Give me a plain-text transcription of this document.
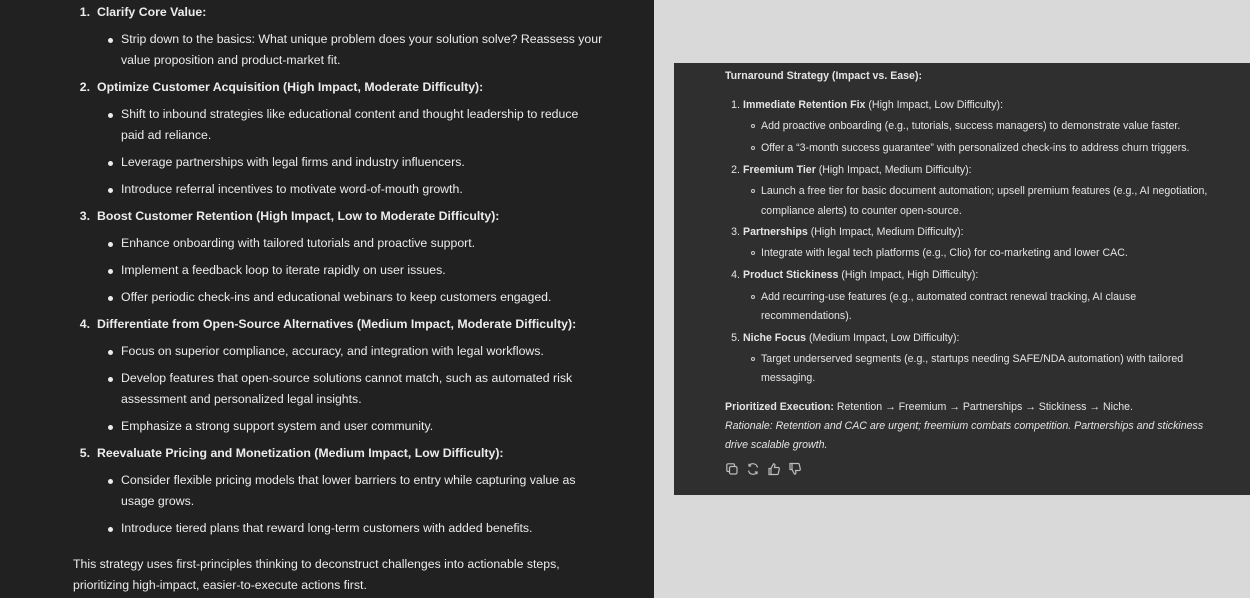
1. Clarify Core Value:
Strip down to the basics: What unique problem does your solution solve? Reassess your
value proposition and product-market fit.
2. Optimize Customer Acquisition (High Impact, Moderate Difficulty):
Shift to inbound strategies like educational content and thought leadership to reduce
paid ad reliance.
Leverage partnerships with legal firms and industry influencers.
Introduce referral incentives to motivate word-of-mouth growth.
3. Boost Customer Retention (High Impact, Low to Moderate Difficulty):
Enhance onboarding with tailored tutorials and proactive support.
Implement a feedback loop to iterate rapidly on user issues.
Offer periodic check-ins and educational webinars to keep customers engaged.
4. Differentiate from Open-Source Alternatives (Medium Impact, Moderate Difficulty):
Focus on superior compliance, accuracy, and integration with legal workflows.
Develop features that open-source solutions cannot match, such as automated risk
assessment and personalized legal insights.
Emphasize a strong support system and user community.
5. Reevaluate Pricing and Monetization (Medium Impact, Low Difficulty):
Consider flexible pricing models that lower barriers to entry while capturing value as
usage grows.
Introduce tiered plans that reward long-term customers with added benefits.
This strategy uses first-principles thinking to deconstruct challenges into actionable steps,
prioritizing high-impact, easier-to-execute actions first.
Turnaround Strategy (Impact vs. Ease):
1. Immediate Retention Fix (High Impact, Low Difficulty):
Add proactive onboarding (e.g., tutorials, success managers) to demonstrate value faster.
Offer a “3-month success guarantee” with personalized check-ins to address churn triggers.
2. Freemium Tier (High Impact, Medium Difficulty):
Launch a free tier for basic document automation; upsell premium features (e.g., AI negotiation,
compliance alerts) to counter open-source.
3. Partnerships (High Impact, Medium Difficulty):
Integrate with legal tech platforms (e.g., Clio) for co-marketing and lower CAC.
4. Product Stickiness (High Impact, High Difficulty):
Add recurring-use features (e.g., automated contract renewal tracking, AI clause
recommendations).
5. Niche Focus (Medium Impact, Low Difficulty):
Target underserved segments (e.g., startups needing SAFE/NDA automation) with tailored
messaging.
Prioritized Execution: Retention → Freemium → Partnerships → Stickiness → Niche.
Rationale: Retention and CAC are urgent; freemium combats competition. Partnerships and stickiness
drive scalable growth.
